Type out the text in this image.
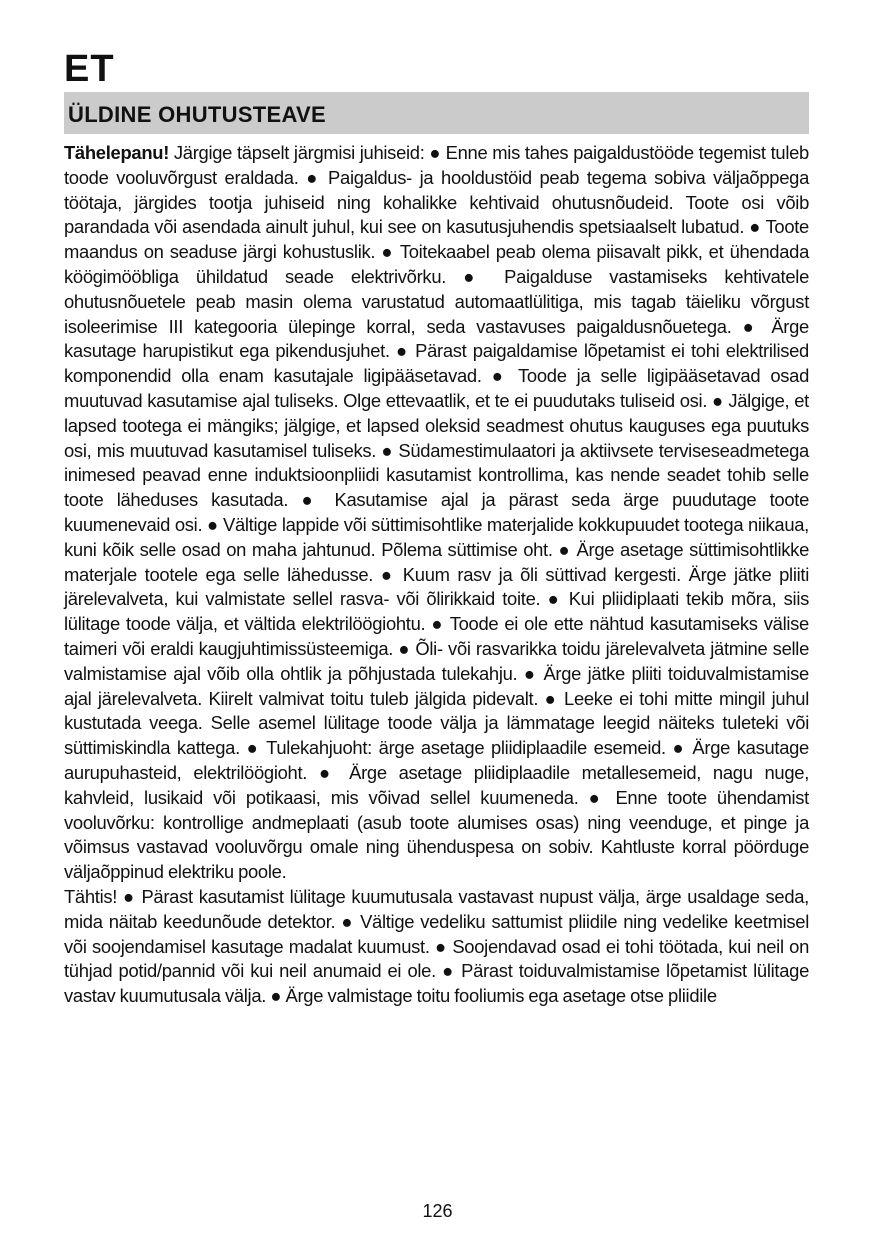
ET
ÜLDINE OHUTUSTEAVE

Tähelepanu! Järgige täpselt järgmisi juhiseid: ● Enne mis tahes paigaldustööde tegemist tuleb toode vooluvõrgust eraldada. ● Paigaldus- ja hooldustöid peab tegema sobiva väljaõppega töötaja, järgides tootja juhiseid ning kohalikke kehtivaid ohutusnõudeid. Toote osi võib parandada või asendada ainult juhul, kui see on kasutusjuhendis spetsiaalselt lubatud. ● Toote maandus on seaduse järgi kohustuslik. ● Toitekaabel peab olema piisavalt pikk, et ühendada köögimööbliga ühildatud seade elektrivõrku. ● Paigalduse vastamiseks kehtivatele ohutusnõuetele peab masin olema varustatud automaatlülitiga, mis tagab täieliku võrgust isoleerimise III kategooria ülepinge korral, seda vastavuses paigaldusnõuetega. ● Ärge kasutage harupistikut ega pikendusjuhet. ● Pärast paigaldamise lõpetamist ei tohi elektrilised komponendid olla enam kasutajale ligipääsetavad. ● Toode ja selle ligipääsetavad osad muutuvad kasutamise ajal tuliseks. Olge ettevaatlik, et te ei puudutaks tuliseid osi. ● Jälgige, et lapsed tootega ei mängiks; jälgige, et lapsed oleksid seadmest ohutus kauguses ega puutuks osi, mis muutuvad kasutamisel tuliseks. ● Südamestimulaatori ja aktiivsete terviseseadmetega inimesed peavad enne induktsioonpliidi kasutamist kontrollima, kas nende seadet tohib selle toote läheduses kasutada. ● Kasutamise ajal ja pärast seda ärge puudutage toote kuumenevaid osi. ● Vältige lappide või süttimisohtlike materjalide kokkupuudet tootega niikaua, kuni kõik selle osad on maha jahtunud. Põlema süttimise oht. ● Ärge asetage süttimisohtlikke materjale tootele ega selle lähedusse. ● Kuum rasv ja õli süttivad kergesti. Ärge jätke pliiti järelevalveta, kui valmistate sellel rasva- või õlirikkaid toite. ● Kui pliidiplaati tekib mõra, siis lülitage toode välja, et vältida elektrilöögiohtu. ● Toode ei ole ette nähtud kasutamiseks välise taimeri või eraldi kaugjuhtimissüsteemiga. ● Õli- või rasvarikka toidu järelevalveta jätmine selle valmistamise ajal võib olla ohtlik ja põhjustada tulekahju. ● Ärge jätke pliiti toiduvalmistamise ajal järelevalveta. Kiirelt valmivat toitu tuleb jälgida pidevalt. ● Leeke ei tohi mitte mingil juhul kustutada veega. Selle asemel lülitage toode välja ja lämmatage leegid näiteks tuleteki või süttimiskindla kattega. ● Tulekahjuoht: ärge asetage pliidiplaadile esemeid. ● Ärge kasutage aurupuhasteid, elektrilöögioht. ● Ärge asetage pliidiplaadile metallesemeid, nagu nuge, kahvleid, lusikaid või potikaasi, mis võivad sellel kuumeneda. ● Enne toote ühendamist vooluvõrku: kontrollige andmeplaati (asub toote alumises osas) ning veenduge, et pinge ja võimsus vastavad vooluvõrgu omale ning ühenduspesa on sobiv. Kahtluste korral pöörduge väljaõppinud elektriku poole.

Tähtis! ● Pärast kasutamist lülitage kuumutusala vastavast nupust välja, ärge usaldage seda, mida näitab keedunõude detektor. ● Vältige vedeliku sattumist pliidile ning vedelike keetmisel või soojendamisel kasutage madalat kuumust. ● Soojendavad osad ei tohi töötada, kui neil on tühjad potid/pannid või kui neil anumaid ei ole. ● Pärast toiduvalmistamise lõpetamist lülitage vastav kuumutusala välja. ● Ärge valmistage toitu fooliumis ega asetage otse pliidile

126
